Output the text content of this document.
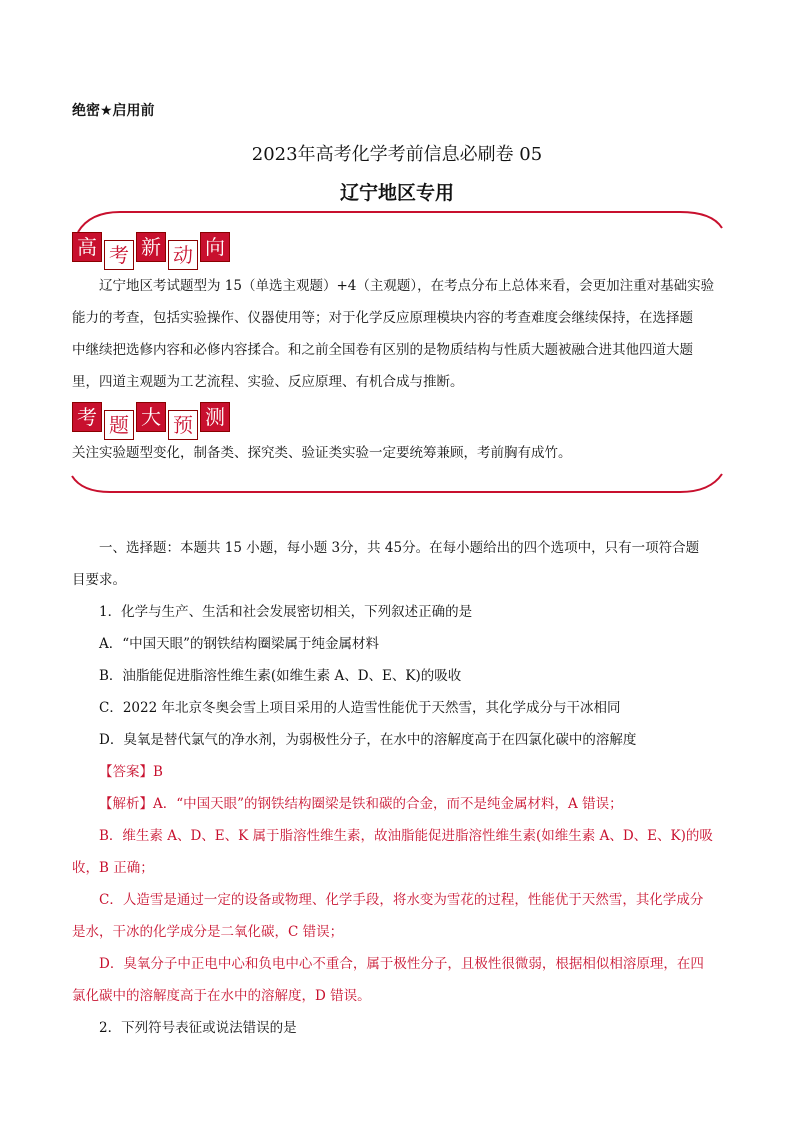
绝密★启用前
2023年高考化学考前信息必刷卷 05
辽宁地区专用
高 考 新 动 向

辽宁地区考试题型为 15（单选主观题）+4（主观题），在考点分布上总体来看，会更加注重对基础实验

能力的考查，包括实验操作、仪器使用等；对于化学反应原理模块内容的考查难度会继续保持，在选择题

中继续把选修内容和必修内容揉合。和之前全国卷有区别的是物质结构与性质大题被融合进其他四道大题

里，四道主观题为工艺流程、实验、反应原理、有机合成与推断。

考 题 大 预 测

关注实验题型变化，制备类、探究类、验证类实验一定要统筹兼顾，考前胸有成竹。

一、选择题：本题共 15 小题，每小题 3分，共 45分。在每小题给出的四个选项中，只有一项符合题

目要求。

1．化学与生产、生活和社会发展密切相关，下列叙述正确的是

A．“中国天眼”的钢铁结构圈梁属于纯金属材料

B．油脂能促进脂溶性维生素(如维生素 A、D、E、K)的吸收

C．2022 年北京冬奥会雪上项目采用的人造雪性能优于天然雪，其化学成分与干冰相同

D．臭氧是替代氯气的净水剂，为弱极性分子，在水中的溶解度高于在四氯化碳中的溶解度

【答案】B

【解析】A．“中国天眼”的钢铁结构圈梁是铁和碳的合金，而不是纯金属材料，A 错误；

B．维生素 A、D、E、K 属于脂溶性维生素，故油脂能促进脂溶性维生素(如维生素 A、D、E、K)的吸

收，B 正确；

C．人造雪是通过一定的设备或物理、化学手段，将水变为雪花的过程，性能优于天然雪，其化学成分

是水，干冰的化学成分是二氧化碳，C 错误；

D．臭氧分子中正电中心和负电中心不重合，属于极性分子，且极性很微弱，根据相似相溶原理，在四

氯化碳中的溶解度高于在水中的溶解度，D 错误。

2．下列符号表征或说法错误的是
